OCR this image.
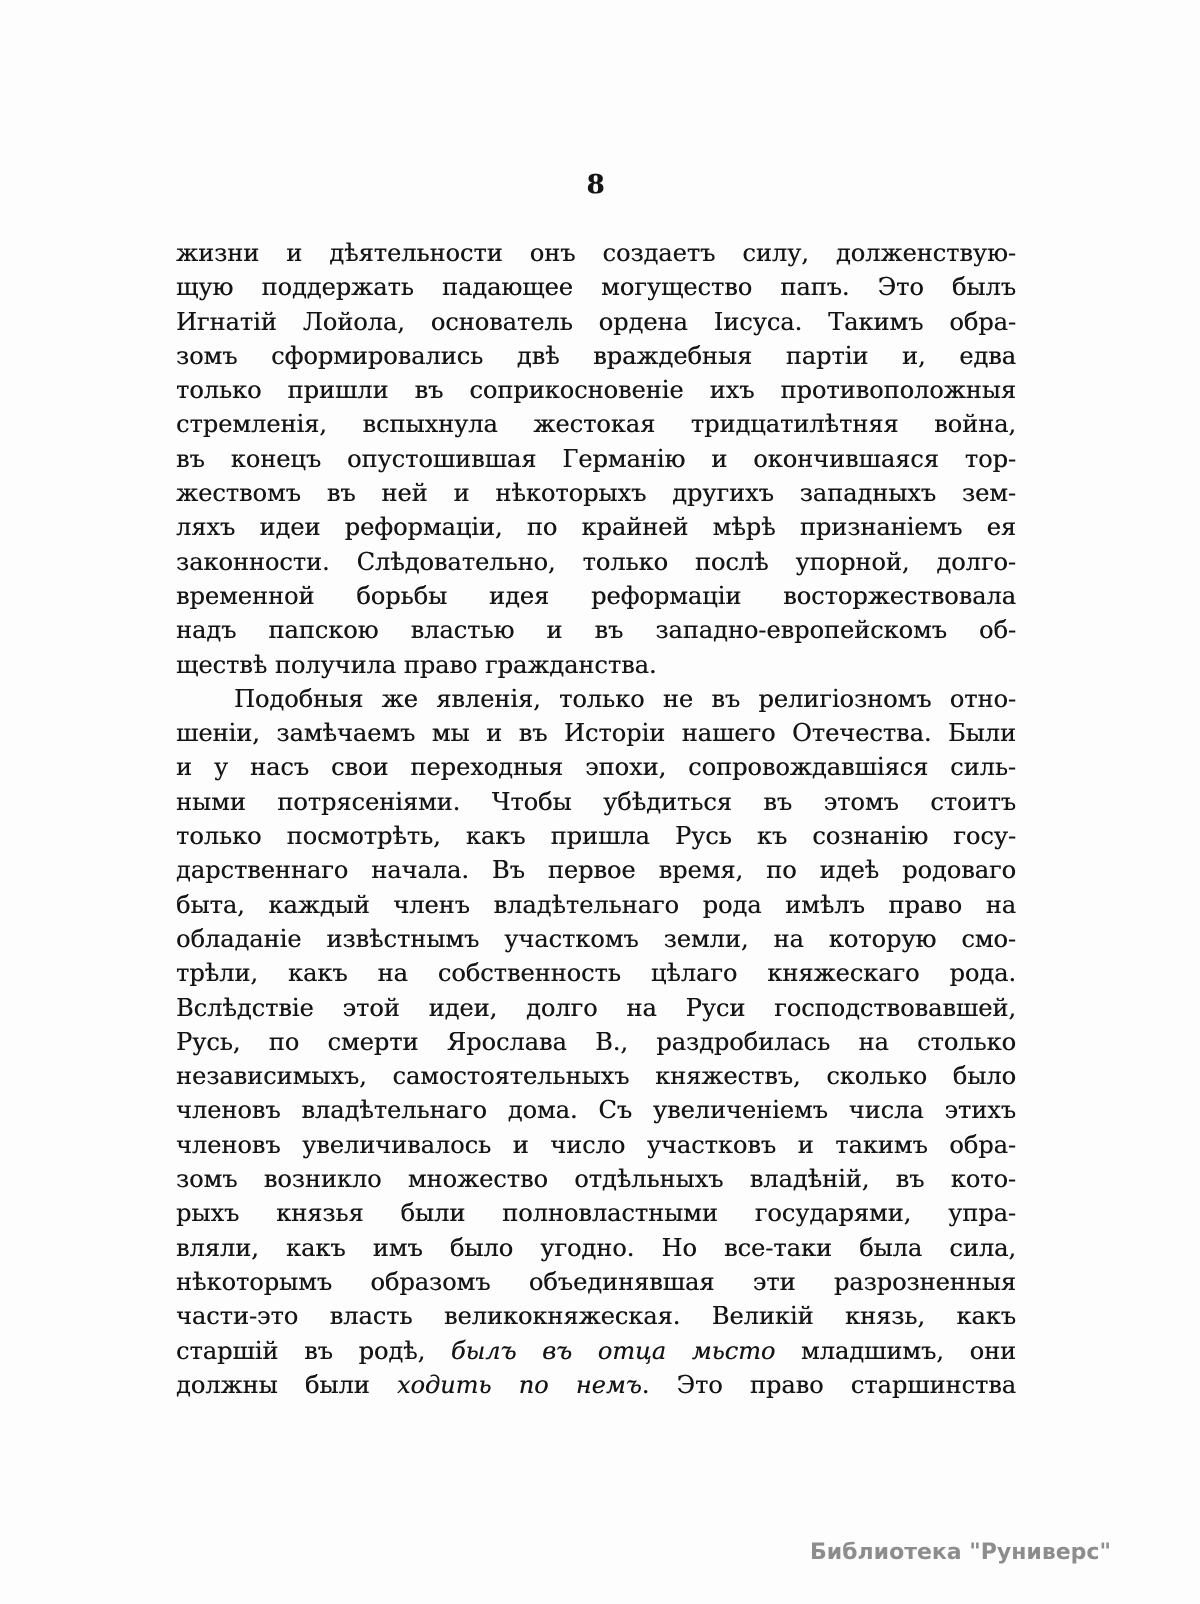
8
жизни и дѣятельности онъ создаетъ силу, долженствую-
щую поддержать падающее могущество папъ. Это былъ
Игнатій Лойола, основатель ордена Іисуса. Такимъ обра-
зомъ сформировались двѣ враждебныя партіи и, едва
только пришли въ соприкосновеніе ихъ противоположныя
стремленія, вспыхнула жестокая тридцатилѣтняя война,
въ конецъ опустошившая Германію и окончившаяся тор-
жествомъ въ ней и нѣкоторыхъ другихъ западныхъ зем-
ляхъ идеи реформаціи, по крайней мѣрѣ признаніемъ ея
законности. Слѣдовательно, только послѣ упорной, долго-
временной борьбы идея реформаціи восторжествовала
надъ папскою властью и въ западно-европейскомъ об-
ществѣ получила право гражданства.
Подобныя же явленія, только не въ религіозномъ отно-
шеніи, замѣчаемъ мы и въ Исторіи нашего Отечества. Были
и у насъ свои переходныя эпохи, сопровождавшіяся силь-
ными потрясеніями. Чтобы убѣдиться въ этомъ стоитъ
только посмотрѣть, какъ пришла Русь къ сознанію госу-
дарственнаго начала. Въ первое время, по идеѣ родоваго
быта, каждый членъ владѣтельнаго рода имѣлъ право на
обладаніе извѣстнымъ участкомъ земли, на которую смо-
трѣли, какъ на собственность цѣлаго княжескаго рода.
Вслѣдствіе этой идеи, долго на Руси господствовавшей,
Русь, по смерти Ярослава В., раздробилась на столько
независимыхъ, самостоятельныхъ княжествъ, сколько было
членовъ владѣтельнаго дома. Съ увеличеніемъ числа этихъ
членовъ увеличивалось и число участковъ и такимъ обра-
зомъ возникло множество отдѣльныхъ владѣній, въ кото-
рыхъ князья были полновластными государями, упра-
вляли, какъ имъ было угодно. Но все-таки была сила,
нѣкоторымъ образомъ объединявшая эти разрозненныя
части-это власть великокняжеская. Великій князь, какъ
старшій въ родѣ, былъ въ отца мьсто младшимъ, они
должны были ходить по немъ. Это право старшинства
Библиотека "Руниверс"
